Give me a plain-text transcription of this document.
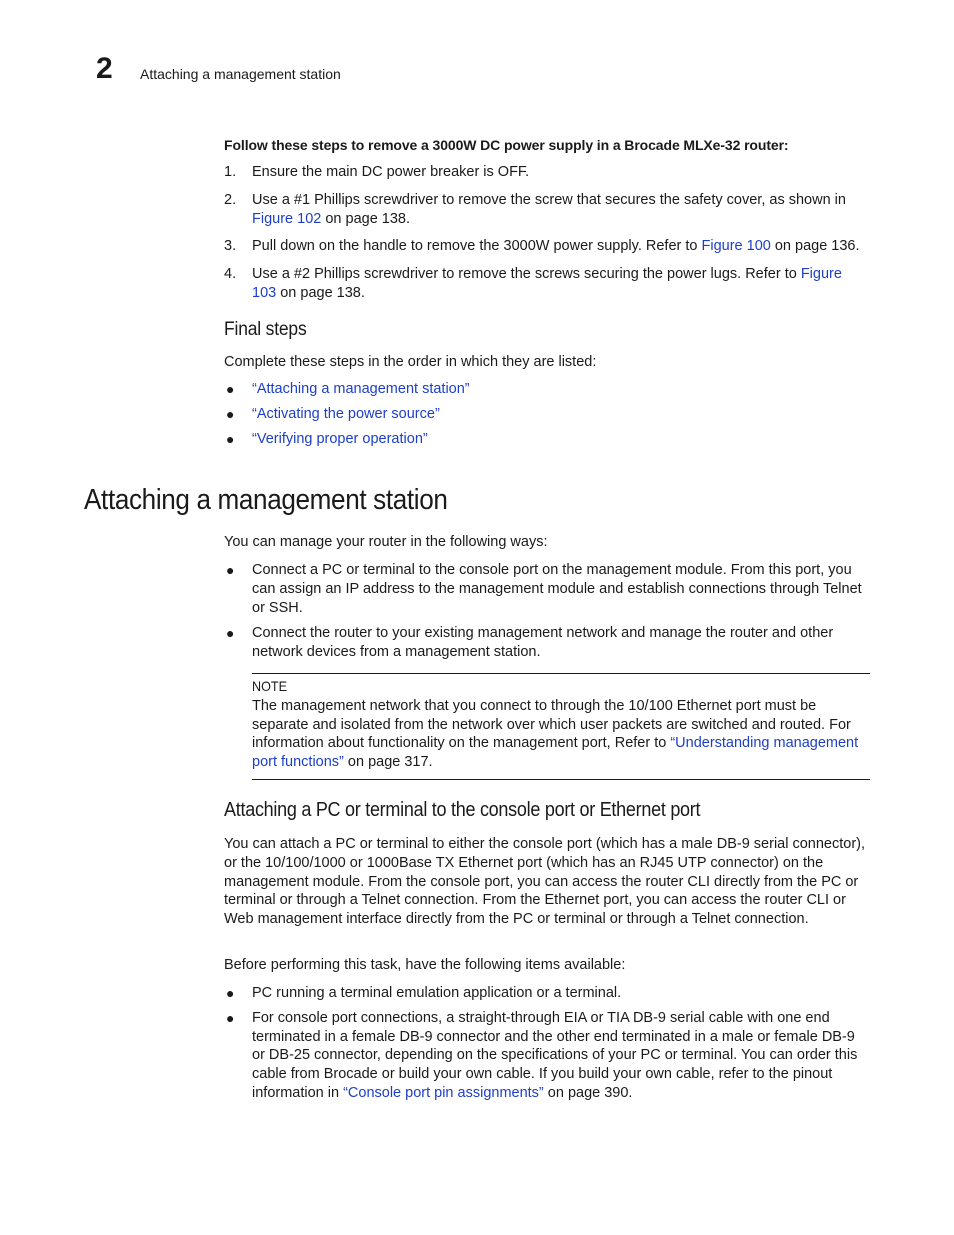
2 Attaching a management station
Follow these steps to remove a 3000W DC power supply in a Brocade MLXe-32 router:
1. Ensure the main DC power breaker is OFF.
2. Use a #1 Phillips screwdriver to remove the screw that secures the safety cover, as shown in Figure 102 on page 138.
3. Pull down on the handle to remove the 3000W power supply. Refer to Figure 100 on page 136.
4. Use a #2 Phillips screwdriver to remove the screws securing the power lugs. Refer to Figure 103 on page 138.
Final steps

Complete these steps in the order in which they are listed:

● “Attaching a management station”
● “Activating the power source”
● “Verifying proper operation”
Attaching a management station

You can manage your router in the following ways:

● Connect a PC or terminal to the console port on the management module. From this port, you can assign an IP address to the management module and establish connections through Telnet or SSH.
● Connect the router to your existing management network and manage the router and other network devices from a management station.
NOTE

The management network that you connect to through the 10/100 Ethernet port must be separate and isolated from the network over which user packets are switched and routed. For information about functionality on the management port, Refer to “Understanding management port functions” on page 317.

Attaching a PC or terminal to the console port or Ethernet port

You can attach a PC or terminal to either the console port (which has a male DB-9 serial connector), or the 10/100/1000 or 1000Base TX Ethernet port (which has an RJ45 UTP connector) on the management module. From the console port, you can access the router CLI directly from the PC or terminal or through a Telnet connection. From the Ethernet port, you can access the router CLI or Web management interface directly from the PC or terminal or through a Telnet connection.

Before performing this task, have the following items available:

● PC running a terminal emulation application or a terminal.
● For console port connections, a straight-through EIA or TIA DB-9 serial cable with one end terminated in a female DB-9 connector and the other end terminated in a male or female DB-9 or DB-25 connector, depending on the specifications of your PC or terminal. You can order this cable from Brocade or build your own cable. If you build your own cable, refer to the pinout information in “Console port pin assignments” on page 390.
